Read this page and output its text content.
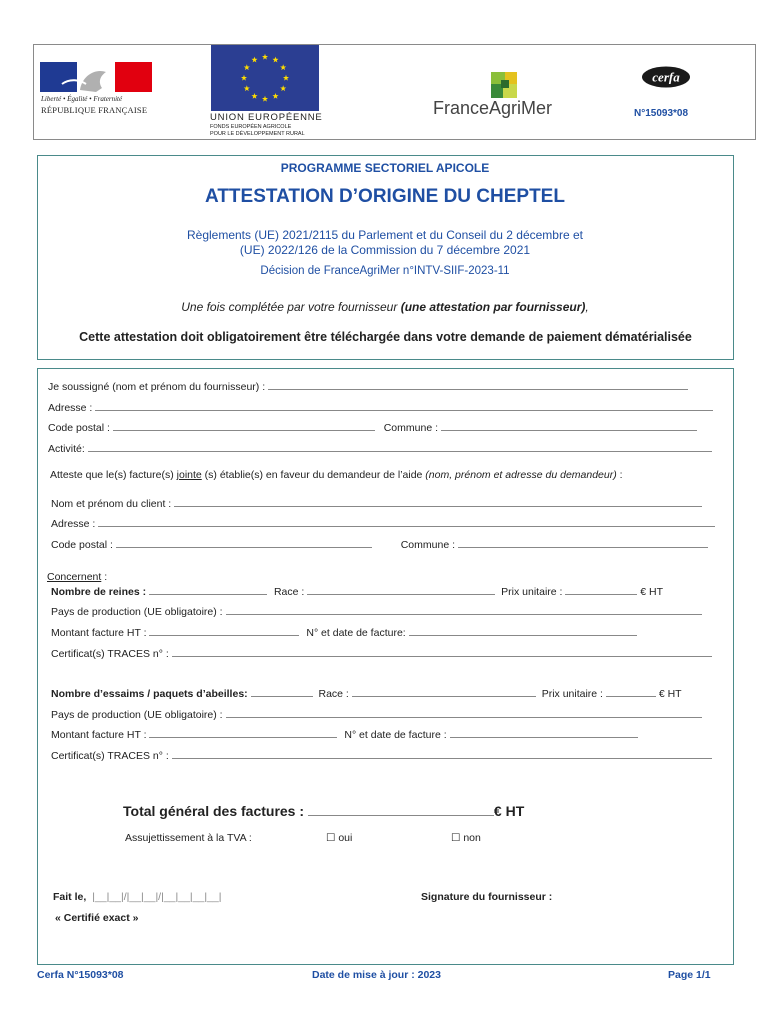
Liberté • Égalité • Fraternité
RÉPUBLIQUE FRANÇAISE
UNION EUROPÉENNE
FONDS EUROPÉEN AGRICOLE
POUR LE DÉVELOPPEMENT RURAL
FranceAgriMer
cerfa
N°15093*08
PROGRAMME SECTORIEL APICOLE
ATTESTATION D’ORIGINE DU CHEPTEL
Règlements (UE) 2021/2115 du Parlement et du Conseil du 2 décembre et
(UE) 2022/126 de la Commission du 7 décembre 2021
Décision de FranceAgriMer n°INTV-SIIF-2023-11
Une fois complétée par votre fournisseur (une attestation par fournisseur),
Cette attestation doit obligatoirement être téléchargée dans votre demande de paiement dématérialisée
Je soussigné (nom et prénom du fournisseur) :
Adresse :
Code postal :	Commune :
Activité:
Atteste que le(s) facture(s) jointe (s) établie(s) en faveur du demandeur de l’aide (nom, prénom et adresse du demandeur) :
Nom et prénom du client :
Adresse :
Code postal :	Commune :
Concernent :
Nombre de reines :	Race :	Prix unitaire :	€ HT
Pays de production (UE obligatoire) :
Montant facture HT :	N° et date de facture:
Certificat(s) TRACES n° :
Nombre d’essaims / paquets d’abeilles:	Race :	Prix unitaire :	€ HT
Pays de production (UE obligatoire) :
Montant facture HT :	N° et date de facture :
Certificat(s) TRACES n° :
Total général des factures :	€ HT
Assujettissement à la TVA :	☐ oui	☐ non
Fait le, |__|__|/|__|__|/|__|__|__|__|	Signature du fournisseur :
« Certifié exact »
Cerfa N°15093*08	Date de mise à jour : 2023	Page 1/1
